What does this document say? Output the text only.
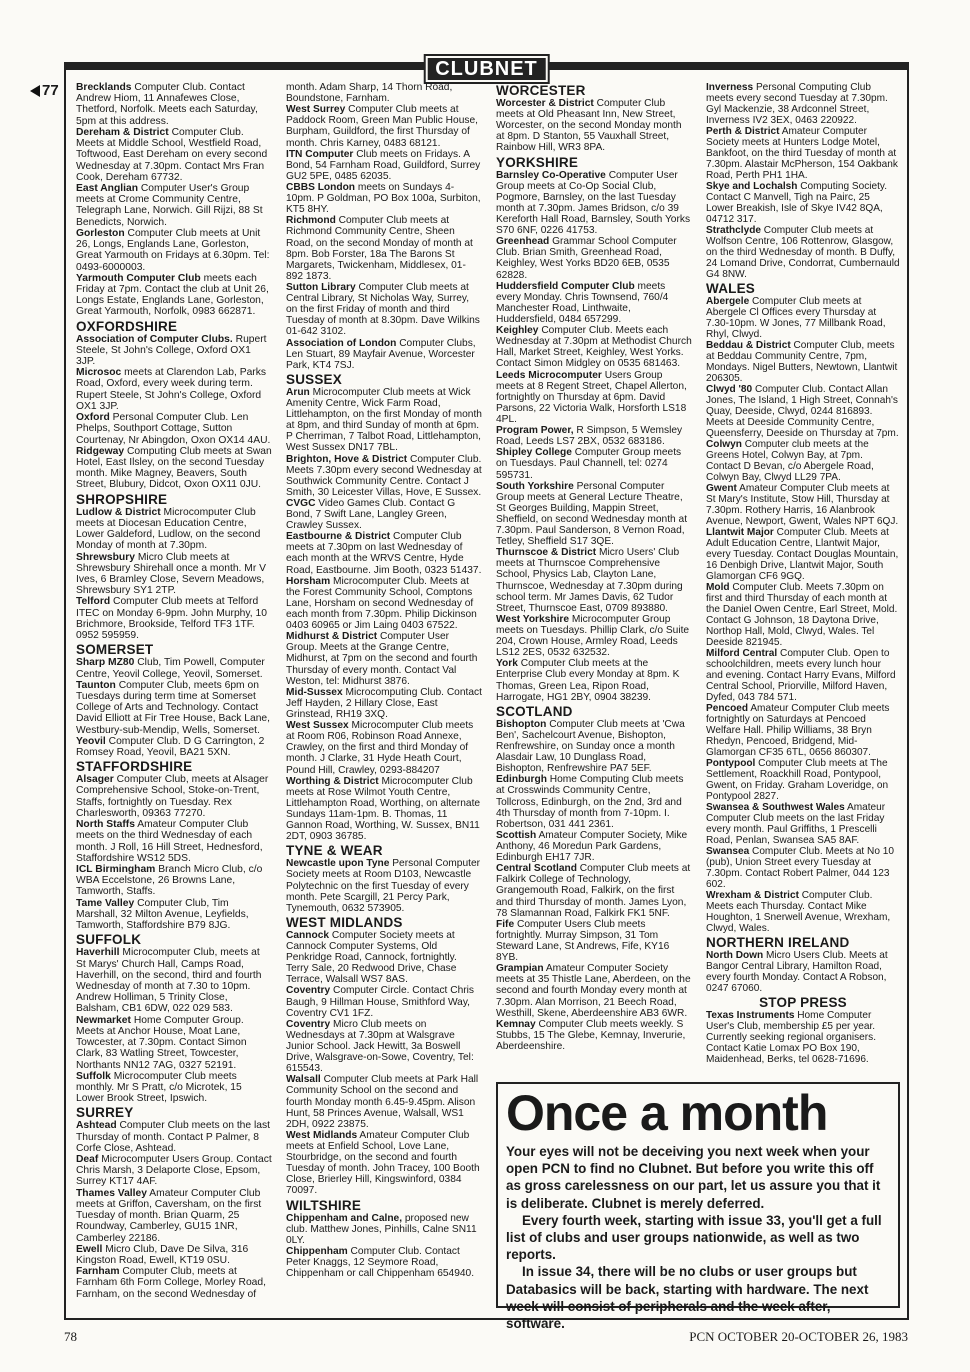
CLUBNET
77 Brecklands Computer Club. Contact Andrew Hiom, 11 Annafewes Close, Thetford, Norfolk. Meets each Saturday, 5pm at this address.

Dereham & District Computer Club. Meets at Middle School, Westfield Road, Toftwood, East Dereham on every second Wednesday at 7.30pm. Contact Mrs Fran Cook, Dereham 67732.

East Anglian Computer User's Group meets at Crome Community Centre, Telegraph Lane, Norwich. Gill Rijzi, 88 St Benedicts, Norwich.

Gorleston Computer Club meets at Unit 26, Longs, Englands Lane, Gorleston, Great Yarmouth on Fridays at 6.30pm. Tel: 0493-6000003.

Yarmouth Computer Club meets each Friday at 7pm. Contact the club at Unit 26, Longs Estate, Englands Lane, Gorleston, Great Yarmouth, Norfolk, 0983 662871.

OXFORDSHIRE

Association of Computer Clubs. Rupert Steele, St John's College, Oxford OX1 3JP.

Microsoc meets at Clarendon Lab, Parks Road, Oxford, every week during term. Rupert Steele, St John's College, Oxford OX1 3JP.

Oxford Personal Computer Club. Len Phelps, Southport Cottage, Sutton Courtenay, Nr Abingdon, Oxon OX14 4AU.

Ridgeway Computing Club meets at Swan Hotel, East Ilsley, on the second Tuesday month. Mike Magney, Beavers, South Street, Blubury, Didcot, Oxon OX11 0JU.

SHROPSHIRE

Ludlow & District Microcomputer Club meets at Diocesan Education Centre, Lower Galdeford, Ludlow, on the second Monday of month at 7.30pm.

Shrewsbury Micro Club meets at Shrewsbury Shirehall once a month. Mr V Ives, 6 Bramley Close, Severn Meadows, Shrewsbury SY1 2TP.

Telford Computer Club meets at Telford ITEC on Monday 6-9pm. John Murphy, 10 Brichmore, Brookside, Telford TF3 1TF. 0952 595959.

SOMERSET

Sharp MZ80 Club, Tim Powell, Computer Centre, Yeovil College, Yeovil, Somerset.

Taunton Computer Club, meets 6pm on Tuesdays during term time at Somerset College of Arts and Technology. Contact David Elliott at Fir Tree House, Back Lane, Westbury-sub-Mendip, Wells, Somerset.

Yeovil Computer Club. D G Carrington, 2 Romsey Road, Yeovil, BA21 5XN.

STAFFORDSHIRE

Alsager Computer Club, meets at Alsager Comprehensive School, Stoke-on-Trent, Staffs, fortnightly on Tuesday. Rex Charlesworth, 09363 77270.

North Staffs Amateur Computer Club meets on the third Wednesday of each month. J Roll, 16 Hill Street, Hednesford, Staffordshire WS12 5DS.

ICL Birmingham Branch Micro Club, c/o WBA Eccelstone, 26 Browns Lane, Tamworth, Staffs.

Tame Valley Computer Club, Tim Marshall, 32 Milton Avenue, Leyfields, Tamworth, Staffordshire B79 8JG.

SUFFOLK

Haverhill Microcomputer Club, meets at St Marys' Church Hall, Camps Road, Haverhill, on the second, third and fourth Wednesday of month at 7.30 to 10pm. Andrew Holliman, 5 Trinity Close, Balsham, CB1 6DW, 022 029 583.

Newmarket Home Computer Group. Meets at Anchor House, Moat Lane, Towcester, at 7.30pm. Contact Simon Clark, 83 Watling Street, Towcester, Northants NN12 7AG, 0327 52191.

Suffolk Microcomputer Club meets monthly. Mr S Pratt, c/o Microtek, 15 Lower Brook Street, Ipswich.

SURREY

Ashtead Computer Club meets on the last Thursday of month. Contact P Palmer, 8 Corfe Close, Ashtead.

Deaf Microcomputer Users Group. Contact Chris Marsh, 3 Delaporte Close, Epsom, Surrey KT17 4AF.

Thames Valley Amateur Computer Club meets at Griffon, Caversham, on the first Tuesday of month. Brian Quarm, 25 Roundway, Camberley, GU15 1NR, Camberley 22186.

Ewell Micro Club, Dave De Silva, 316 Kingston Road, Ewell, KT19 0SU.

Farnham Computer Club, meets at Farnham 6th Form College, Morley Road, Farnham, on the second Wednesday of

month. Adam Sharp, 14 Thorn Road, Boundstone, Farnham.

West Surrey Computer Club meets at Paddock Room, Green Man Public House, Burpham, Guildford, the first Thursday of month. Chris Karney, 0483 68121.

ITN Computer Club meets on Fridays. A Bond, 54 Farnham Road, Guildford, Surrey GU2 5PE, 0485 62035.

CBBS London meets on Sundays 4-10pm. P Goldman, PO Box 100a, Surbiton, KT5 8HY.

Richmond Computer Club meets at Richmond Community Centre, Sheen Road, on the second Monday of month at 8pm. Bob Forster, 18a The Barons St Margarets, Twickenham, Middlesex, 01-892 1873.

Sutton Library Computer Club meets at Central Library, St Nicholas Way, Surrey, on the first Friday of month and third Tuesday of month at 8.30pm. Dave Wilkins 01-642 3102.

Association of London Computer Clubs, Len Stuart, 89 Mayfair Avenue, Worcester Park, KT4 7SJ.

SUSSEX

Arun Microcomputer Club meets at Wick Amenity Centre, Wick Farm Road, Littlehampton, on the first Monday of month at 8pm, and third Sunday of month at 6pm. P Cherriman, 7 Talbot Road, Littlehampton, West Sussex DN17 7BL.

Brighton, Hove & District Computer Club. Meets 7.30pm every second Wednesday at Southwick Community Centre. Contact J Smith, 30 Leicester Villas, Hove, E Sussex.

CVGC Video Games Club. Contact G Bond, 7 Swift Lane, Langley Green, Crawley Sussex.

Eastbourne & District Computer Club meets at 7.30pm on last Wednesday of each month at the WRVS Centre, Hyde Road, Eastbourne. Jim Booth, 0323 51437.

Horsham Microcomputer Club. Meets at the Forest Community School, Comptons Lane, Horsham on second Wednesday of each month from 7.30pm. Philip Dickinson 0403 60965 or Jim Laing 0403 67522.

Midhurst & District Computer User Group. Meets at the Grange Centre, Midhurst, at 7pm on the second and fourth Thursday of every month. Contact Val Weston, tel: Midhurst 3876.

Mid-Sussex Microcomputing Club. Contact Jeff Hayden, 2 Hillary Close, East Grinstead, RH19 3XQ.

West Sussex Microcomputer Club meets at Room R06, Robinson Road Annexe, Crawley, on the first and third Monday of month. J Clarke, 31 Hyde Heath Court, Pound Hill, Crawley, 0293-884207

Worthing & District Microcomputer Club meets at Rose Wilmot Youth Centre, Littlehampton Road, Worthing, on alternate Sundays 11am-1pm. B. Thomas, 11 Gannon Road, Worthing, W. Sussex, BN11 2DT, 0903 36785.

TYNE & WEAR

Newcastle upon Tyne Personal Computer Society meets at Room D103, Newcastle Polytechnic on the first Tuesday of every month. Pete Scargill, 21 Percy Park, Tynemouth, 0632 573905.

WEST MIDLANDS

Cannock Computer Society meets at Cannock Computer Systems, Old Penkridge Road, Cannock, fortnightly. Terry Sale, 20 Redwood Drive, Chase Terrace, Walsall WS7 8AS.

Coventry Computer Circle. Contact Chris Baugh, 9 Hillman House, Smithford Way, Coventry CV1 1FZ.

Coventry Micro Club meets on Wednesdays at 7.30pm at Walsgrave Junior School. Jack Hewitt, 3a Boswell Drive, Walsgrave-on-Sowe, Coventry, Tel: 615543.

Walsall Computer Club meets at Park Hall Community School on the second and fourth Monday month 6.45-9.45pm. Alison Hunt, 58 Princes Avenue, Walsall, WS1 2DH, 0922 23875.

West Midlands Amateur Computer Club meets at Enfield School, Love Lane, Stourbridge, on the second and fourth Tuesday of month. John Tracey, 100 Booth Close, Brierley Hill, Kingswinford, 0384 70097.

WILTSHIRE

Chippenham and Calne, proposed new club. Matthew Jones, Pinhills, Calne SN11 0LY.

Chippenham Computer Club. Contact Peter Knaggs, 12 Seymore Road, Chippenham or call Chippenham 654940.

WORCESTER

Worcester & District Computer Club meets at Old Pheasant Inn, New Street, Worcester, on the second Monday month at 8pm. D Stanton, 55 Vauxhall Street, Rainbow Hill, WR3 8PA.

YORKSHIRE

Barnsley Co-Operative Computer User Group meets at Co-Op Social Club, Pogmore, Barnsley, on the last Tuesday month at 7.30pm. James Bridson, c/o 39 Kereforth Hall Road, Barnsley, South Yorks S70 6NF, 0226 41753.

Greenhead Grammar School Computer Club. Brian Smith, Greenhead Road, Keighley, West Yorks BD20 6EB, 0535 62828.

Huddersfield Computer Club meets every Monday. Chris Townsend, 760/4 Manchester Road, Linthwaite, Huddersfield, 0484 657299.

Keighley Computer Club. Meets each Wednesday at 7.30pm at Methodist Church Hall, Market Street, Keighley, West Yorks. Contact Simon Midgley on 0535 681463.

Leeds Microcomputer Users Group meets at 8 Regent Street, Chapel Allerton, fortnightly on Thursday at 6pm. David Parsons, 22 Victoria Walk, Horsforth LS18 4PL.

Program Power, R Simpson, 5 Wemsley Road, Leeds LS7 2BX, 0532 683186.

Shipley College Computer Group meets on Tuesdays. Paul Channell, tel: 0274 595731.

South Yorkshire Personal Computer Group meets at General Lecture Theatre, St Georges Building, Mappin Street, Sheffield, on second Wednesday month at 7.30pm. Paul Sanderson, 8 Vernon Road, Tetley, Sheffield S17 3QE.

Thurnscoe & District Micro Users' Club meets at Thurnscoe Comprehensive School, Physics Lab, Clayton Lane, Thurnscoe, Wednesday at 7.30pm during school term. Mr James Davis, 62 Tudor Street, Thurnscoe East, 0709 893880.

West Yorkshire Microcomputer Group meets on Tuesdays. Phillip Clark, c/o Suite 204, Crown House, Armley Road, Leeds LS12 2ES, 0532 632532.

York Computer Club meets at the Enterprise Club every Monday at 8pm. K Thomas, Green Lea, Ripon Road, Harrogate, HG1 2BY, 0904 38239.

SCOTLAND

Bishopton Computer Club meets at 'Cwa Ben', Sachelcourt Avenue, Bishopton, Renfrewshire, on Sunday once a month Alasdair Law, 10 Dunglass Road, Bishopton, Renfrewshire PA7 5EF.

Edinburgh Home Computing Club meets at Crosswinds Community Centre, Tollcross, Edinburgh, on the 2nd, 3rd and 4th Thursday of month from 7-10pm. I. Robertson, 031 441 2361.

Scottish Amateur Computer Society, Mike Anthony, 46 Moredun Park Gardens, Edinburgh EH17 7JR.

Central Scotland Computer Club meets at Falkirk College of Technology, Grangemouth Road, Falkirk, on the first and third Thursday of month. James Lyon, 78 Slamannan Road, Falkirk FK1 5NF.

Fife Computer Users Club meets fortnightly. Murray Simpson, 31 Tom Steward Lane, St Andrews, Fife, KY16 8YB.

Grampian Amateur Computer Society meets at 35 Thistle Lane, Aberdeen, on the second and fourth Monday every month at 7.30pm. Alan Morrison, 21 Beech Road, Westhill, Skene, Aberdeenshire AB3 6WR.

Kemnay Computer Club meets weekly. S Stubbs, 15 The Glebe, Kemnay, Inverurie, Aberdeenshire.

Inverness Personal Computing Club meets every second Tuesday at 7.30pm. Gyl Mackenzie, 38 Ardconnel Street, Inverness IV2 3EX, 0463 220922.

Perth & District Amateur Computer Society meets at Hunters Lodge Motel, Bankfoot, on the third Tuesday of month at 7.30pm. Alastair McPherson, 154 Oakbank Road, Perth PH1 1HA.

Skye and Lochalsh Computing Society. Contact C Manvell, Tigh na Pairc, 25 Lower Breakish, Isle of Skye IV42 8QA, 04712 317.

Strathclyde Computer Club meets at Wolfson Centre, 106 Rottenrow, Glasgow, on the third Wednesday of month. B Duffy, 24 Lomand Drive, Condorrat, Cumbernauld G4 8NW.

WALES

Abergele Computer Club meets at Abergele Cl Offices every Thursday at 7.30-10pm. W Jones, 77 Millbank Road, Rhyl, Clwyd.

Beddau & District Computer Club, meets at Beddau Community Centre, 7pm, Mondays. Nigel Butters, Newtown, Llantwit 206305.

Clwyd '80 Computer Club. Contact Allan Jones, The Island, 1 High Street, Connah's Quay, Deeside, Clwyd, 0244 816893. Meets at Deeside Community Centre, Queensferry, Deeside on Thursday at 7pm.

Colwyn Computer club meets at the Greens Hotel, Colwyn Bay, at 7pm. Contact D Bevan, c/o Abergele Road, Colwyn Bay, Clwyd LL29 7PA.

Gwent Amateur Computer Club meets at St Mary's Institute, Stow Hill, Thursday at 7.30pm. Rothery Harris, 16 Alanbrook Avenue, Newport, Gwent, Wales NPT 6QJ.

Llantwit Major Computer Club. Meets at Adult Education Centre, Llantwit Major, every Tuesday. Contact Douglas Mountain, 16 Denbigh Drive, Llantwit Major, South Glamorgan CF6 9GQ.

Mold Computer Club. Meets 7.30pm on first and third Thursday of each month at the Daniel Owen Centre, Earl Street, Mold. Contact G Johnson, 18 Daytona Drive, Northop Hall, Mold, Clwyd, Wales. Tel Deeside 821945.

Milford Central Computer Club. Open to schoolchildren, meets every lunch hour and evening. Contact Harry Evans, Milford Central School, Priorville, Milford Haven, Dyfed, 043 784 571.

Pencoed Amateur Computer Club meets fortnightly on Saturdays at Pencoed Welfare Hall. Philip Williams, 38 Bryn Rhedyn, Pencoed, Bridgend, Mid-Glamorgan CF35 6TL, 0656 860307.

Pontypool Computer Club meets at The Settlement, Roackhill Road, Pontypool, Gwent, on Friday. Graham Loveridge, on Pontypool 2827.

Swansea & Southwest Wales Amateur Computer Club meets on the last Friday every month. Paul Griffiths, 1 Prescelli Road, Penlan, Swansea SA5 8AF.

Swansea Computer Club. Meets at No 10 (pub), Union Street every Tuesday at 7.30pm. Contact Robert Palmer, 044 123 602.

Wrexham & District Computer Club. Meets each Thursday. Contact Mike Houghton, 1 Snerwell Avenue, Wrexham, Clwyd, Wales.

NORTHERN IRELAND

North Down Micro Users Club. Meets at Bangor Central Library, Hamilton Road, every fourth Monday. Contact A Robson, 0247 67060.

STOP PRESS

Texas Instruments Home Computer User's Club, membership £5 per year. Currently seeking regional organisers. Contact Katie Lomax PO Box 190, Maidenhead, Berks, tel 0628-71696.

Once a month

Your eyes will not be deceiving you next week when your open PCN to find no Clubnet. But before you write this off as gross carelessness on our part, let us assure you that it is deliberate. Clubnet is merely deferred.

Every fourth week, starting with issue 33, you'll get a full list of clubs and user groups nationwide, as well as two reports.

In issue 34, there will be no clubs or user groups but Databasics will be back, starting with hardware. The next week will consist of peripherals and the week after, software.

78	PCN OCTOBER 20-OCTOBER 26, 1983
